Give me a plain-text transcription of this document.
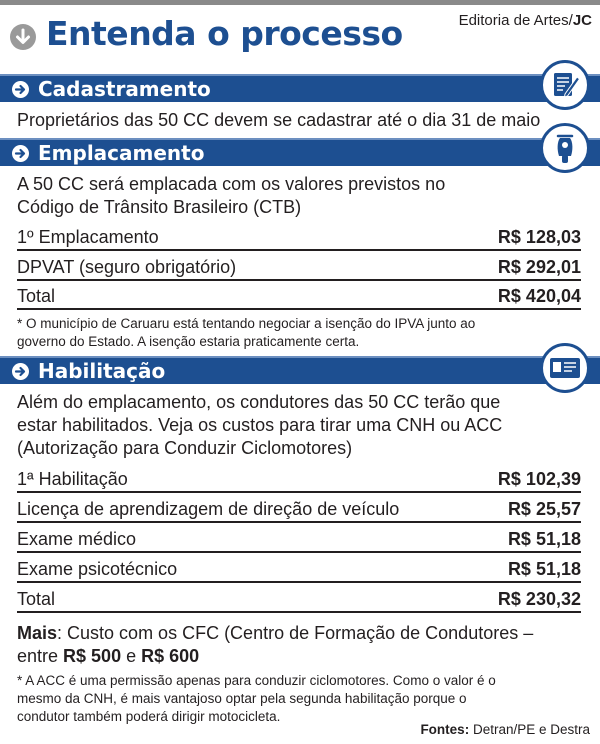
Entenda o processo	Editoria de Artes/JC
Cadastramento
Proprietários das 50 CC devem se cadastrar até o dia 31 de maio
Emplacamento
A 50 CC será emplacada com os valores previstos no
Código de Trânsito Brasileiro (CTB)
1º Emplacamento	R$ 128,03
DPVAT (seguro obrigatório)	R$ 292,01
Total	R$ 420,04
* O município de Caruaru está tentando negociar a isenção do IPVA junto ao
governo do Estado. A isenção estaria praticamente certa.
Habilitação
Além do emplacamento, os condutores das 50 CC terão que
estar habilitados. Veja os custos para tirar uma CNH ou ACC
(Autorização para Conduzir Ciclomotores)
1ª Habilitação	R$ 102,39
Licença de aprendizagem de direção de veículo	R$ 25,57
Exame médico	R$ 51,18
Exame psicotécnico	R$ 51,18
Total	R$ 230,32
Mais: Custo com os CFC (Centro de Formação de Condutores –
entre R$ 500 e R$ 600
* A ACC é uma permissão apenas para conduzir ciclomotores. Como o valor é o
mesmo da CNH, é mais vantajoso optar pela segunda habilitação porque o
condutor também poderá dirigir motocicleta.
Fontes: Detran/PE e Destra
